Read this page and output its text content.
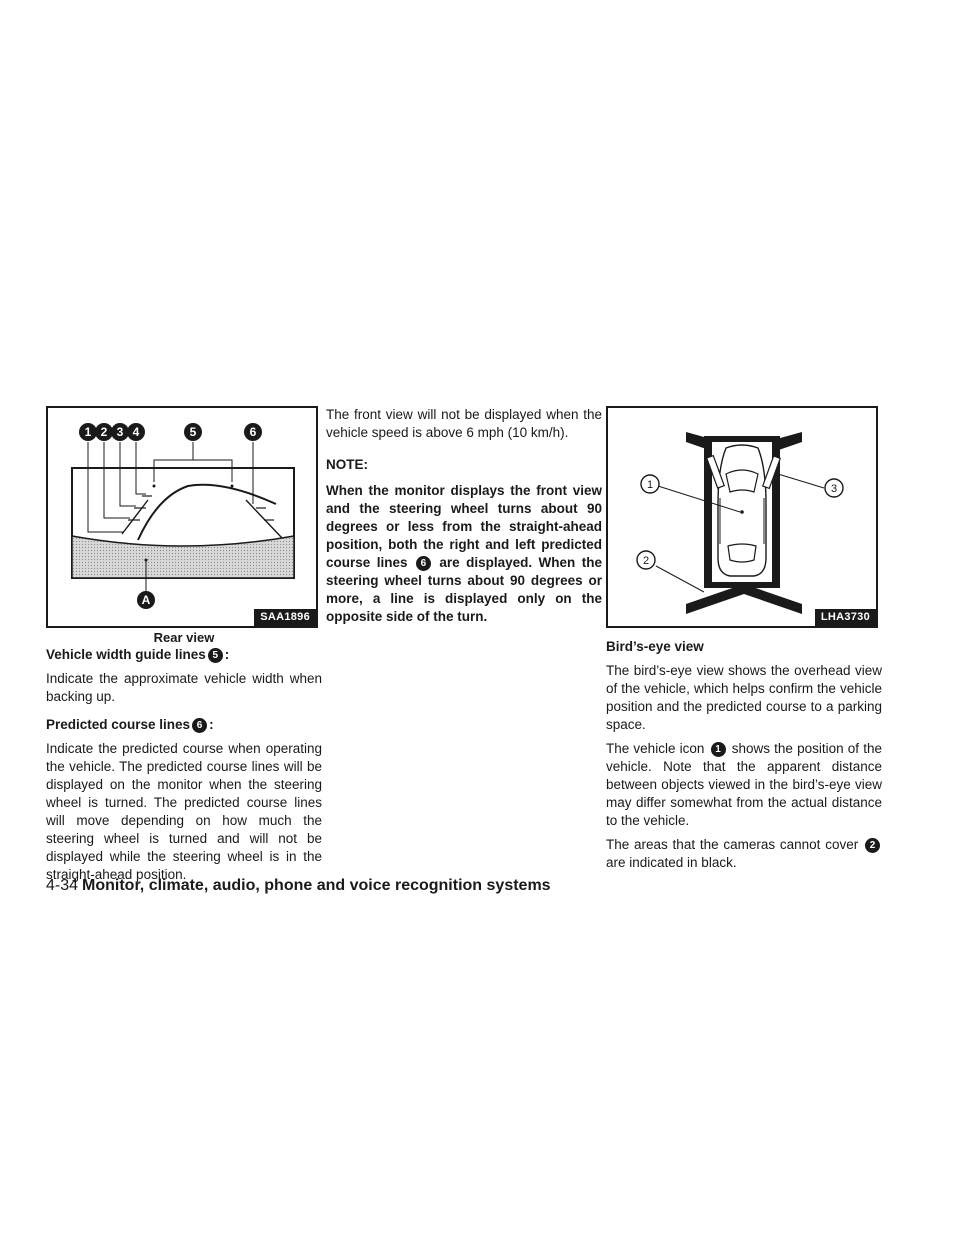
1 2 3 4	5	6
A
SAA1896
Rear view

Vehicle width guide lines 5 :

Indicate the approximate vehicle width when backing up.

Predicted course lines 6 :

Indicate the predicted course when operating the vehicle. The predicted course lines will be displayed on the monitor when the steering wheel is turned. The predicted course lines will move depending on how much the steering wheel is turned and will not be displayed while the steering wheel is in the straight-ahead position.

The front view will not be displayed when the vehicle speed is above 6 mph (10 km/h).

NOTE:

When the monitor displays the front view and the steering wheel turns about 90 degrees or less from the straight-ahead position, both the right and left predicted course lines 6 are displayed. When the steering wheel turns about 90 degrees or more, a line is displayed only on the opposite side of the turn.

1
2
3
LHA3730

Bird’s-eye view

The bird’s-eye view shows the overhead view of the vehicle, which helps confirm the vehicle position and the predicted course to a parking space.

The vehicle icon 1 shows the position of the vehicle. Note that the apparent distance between objects viewed in the bird’s-eye view may differ somewhat from the actual distance to the vehicle.

The areas that the cameras cannot cover 2 are indicated in black.

4-34 Monitor, climate, audio, phone and voice recognition systems
